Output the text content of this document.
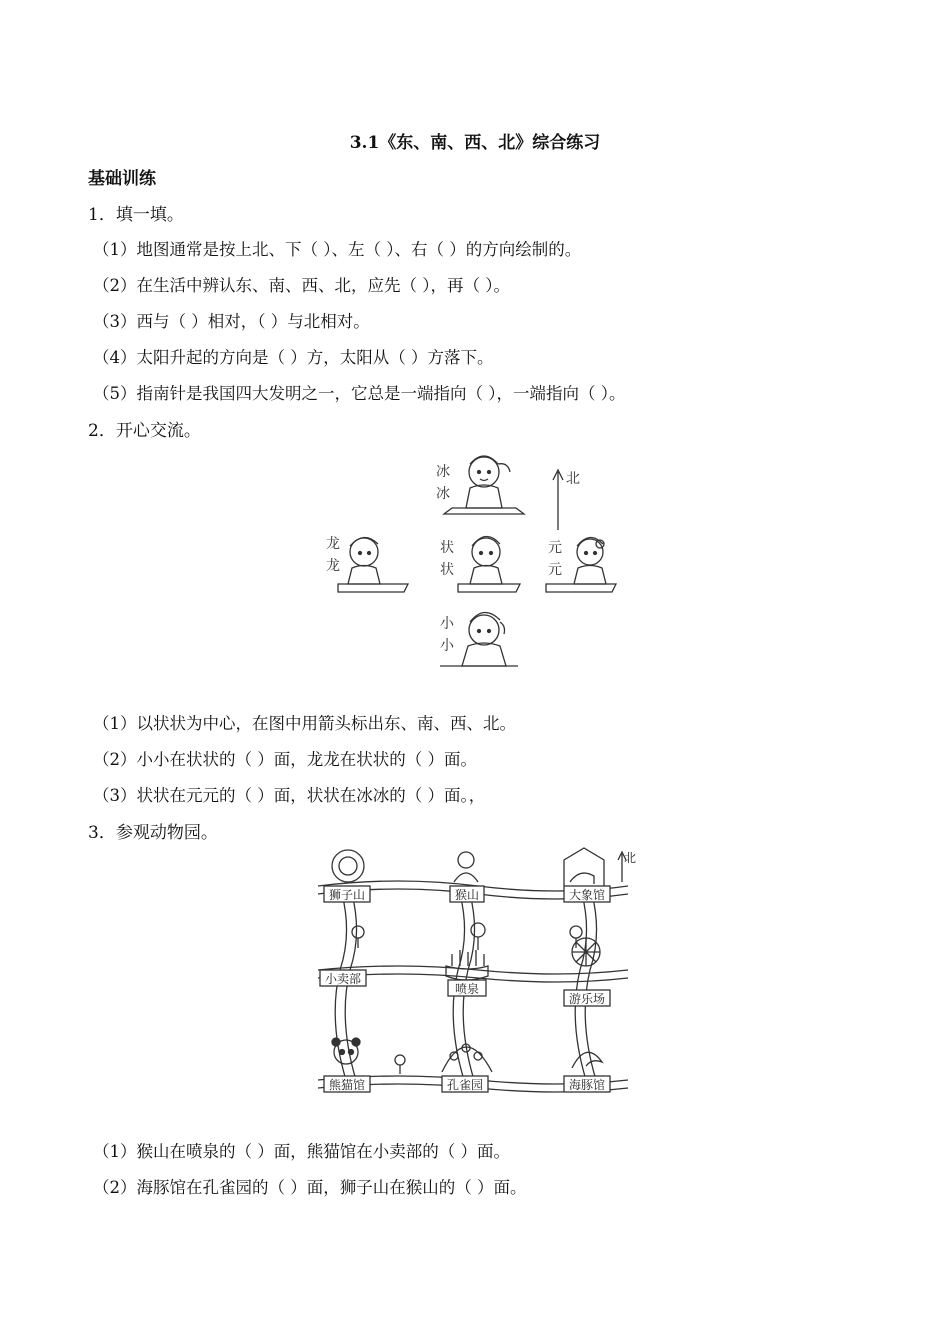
3.1《东、南、西、北》综合练习
基础训练
1．填一填。
（1）地图通常是按上北、下（ ）、左（ ）、右（ ）的方向绘制的。
（2）在生活中辨认东、南、西、北，应先（ ），再（ ）。
（3）西与（ ）相对，（ ）与北相对。
（4）太阳升起的方向是（ ）方，太阳从（ ）方落下。
（5）指南针是我国四大发明之一，它总是一端指向（ ），一端指向（ ）。
2．开心交流。
北
冰
冰
龙
龙
状
状
元
元
小
小
（1）以状状为中心，在图中用箭头标出东、南、西、北。
（2）小小在状状的（ ）面，龙龙在状状的（ ）面。
（3）状状在元元的（ ）面，状状在冰冰的（ ）面。，
3．参观动物园。
狮子山	猴山	大象馆
小卖部
喷泉
游乐场
熊猫馆	孔雀园	海豚馆
北
（1）猴山在喷泉的（ ）面，熊猫馆在小卖部的（ ）面。
（2）海豚馆在孔雀园的（ ）面，狮子山在猴山的（ ）面。
